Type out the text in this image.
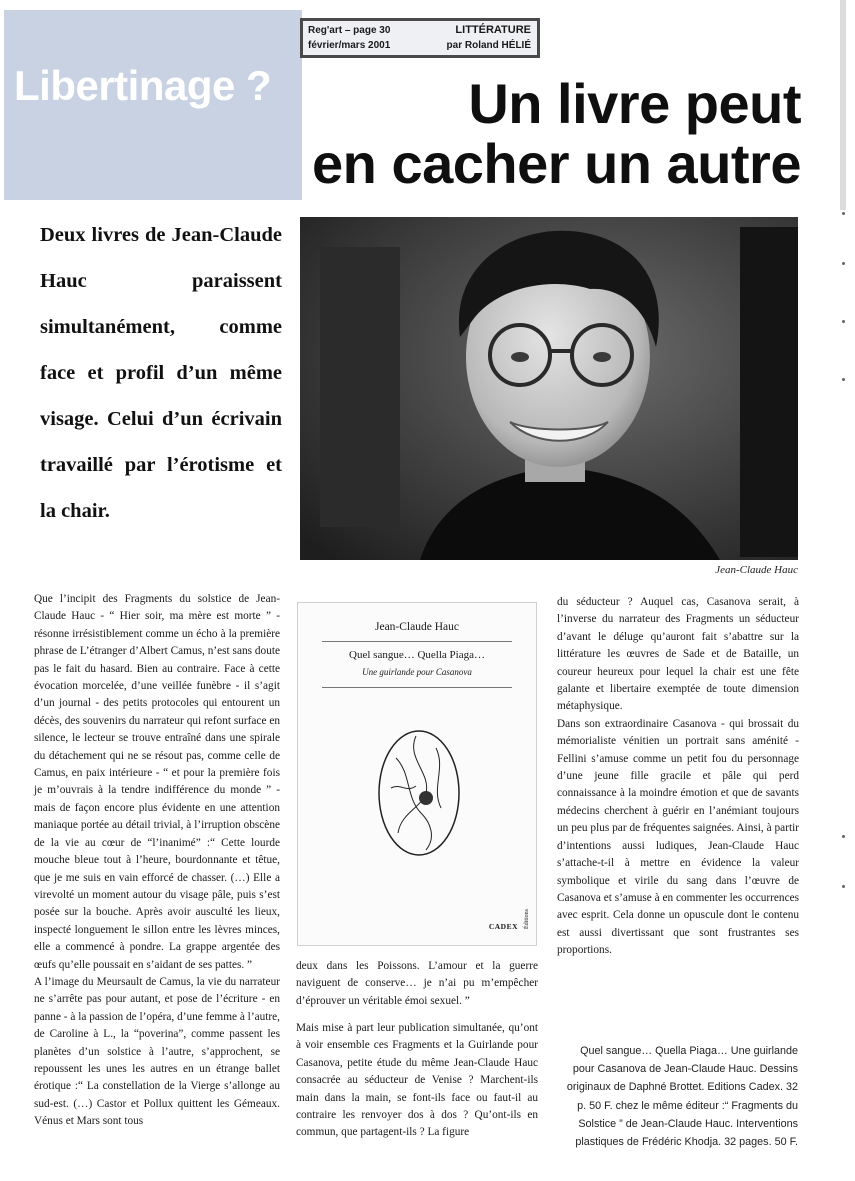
Libertinage ?
Reg'art – page 30
février/mars 2001
LITTÉRATURE
par Roland HÉLIÉ
Un livre peut
en cacher un autre
Deux livres de Jean-Claude Hauc paraissent simultanément, comme face et profil d’un même visage. Celui d’un écrivain travaillé par l’érotisme et la chair.
Jean-Claude Hauc

Que l’incipit des Fragments du solstice de Jean-Claude Hauc - “ Hier soir, ma mère est morte ” - résonne irrésistiblement comme un écho à la première phrase de L’étranger d’Albert Camus, n’est sans doute pas le fait du hasard. Bien au contraire. Face à cette évocation morcelée, d’une veillée funèbre - il s’agit d’un journal - des petits protocoles qui entourent un décès, des souvenirs du narrateur qui refont surface en silence, le lecteur se trouve entraîné dans une spirale du détachement qui ne se résout pas, comme celle de Camus, en paix intérieure - “ et pour la première fois je m’ouvrais à la tendre indifférence du monde ” - mais de façon encore plus évidente en une attention maniaque portée au détail trivial, à l’irruption obscène de la vie au cœur de “l’inanimé” :“ Cette lourde mouche bleue tout à l’heure, bourdonnante et têtue, que je me suis en vain efforcé de chasser. (…) Elle a virevolté un moment autour du visage pâle, puis s’est posée sur la bouche. Après avoir ausculté les lieux, inspecté longuement le sillon entre les lèvres minces, elle a commencé à pondre. La grappe argentée des œufs qu’elle poussait en s’aidant de ses pattes. ”

A l’image du Meursault de Camus, la vie du narrateur ne s’arrête pas pour autant, et pose de l’écriture - en panne - à la passion de l’opéra, d’une femme à l’autre, de Caroline à L., la “poverina”, comme passent les planètes d’un solstice à l’autre, s’approchent, se repoussent les unes les autres en un étrange ballet érotique :“ La constellation de la Vierge s’allonge au sud-est. (…) Castor et Pollux quittent les Gémeaux. Vénus et Mars sont tous

Jean-Claude Hauc
Quel sangue… Quella Piaga…
Une guirlande pour Casanova
CADEX Éditions

deux dans les Poissons. L’amour et la guerre naviguent de conserve… je n’ai pu m’empêcher d’éprouver un véritable émoi sexuel. ”

Mais mise à part leur publication simultanée, qu’ont à voir ensemble ces Fragments et la Guirlande pour Casanova, petite étude du même Jean-Claude Hauc consacrée au séducteur de Venise ? Marchent-ils main dans la main, se font-ils face ou faut-il au contraire les renvoyer dos à dos ? Qu’ont-ils en commun, que partagent-ils ? La figure

du séducteur ? Auquel cas, Casanova serait, à l’inverse du narrateur des Fragments un séducteur d’avant le déluge qu’auront fait s’abattre sur la littérature les œuvres de Sade et de Bataille, un coureur heureux pour lequel la chair est une fête galante et libertaire exemptée de toute dimension métaphysique.

Dans son extraordinaire Casanova - qui brossait du mémorialiste vénitien un portrait sans aménité - Fellini s’amuse comme un petit fou du personnage d’une jeune fille gracile et pâle qui perd connaissance à la moindre émotion et que de savants médecins cherchent à guérir en l’anémiant toujours un peu plus par de fréquentes saignées. Ainsi, à partir d’intentions aussi ludiques, Jean-Claude Hauc s’attache-t-il à mettre en évidence la valeur symbolique et virile du sang dans l’œuvre de Casanova et s’amuse à en commenter les occurrences avec esprit. Cela donne un opuscule dont le contenu est aussi divertissant que sont frustrantes ses proportions.

Quel sangue… Quella Piaga… Une guirlande pour Casanova de Jean-Claude Hauc. Dessins originaux de Daphné Brottet. Editions Cadex. 32 p. 50 F. chez le même éditeur :“ Fragments du Solstice ” de Jean-Claude Hauc. Interventions plastiques de Frédéric Khodja. 32 pages. 50 F.
